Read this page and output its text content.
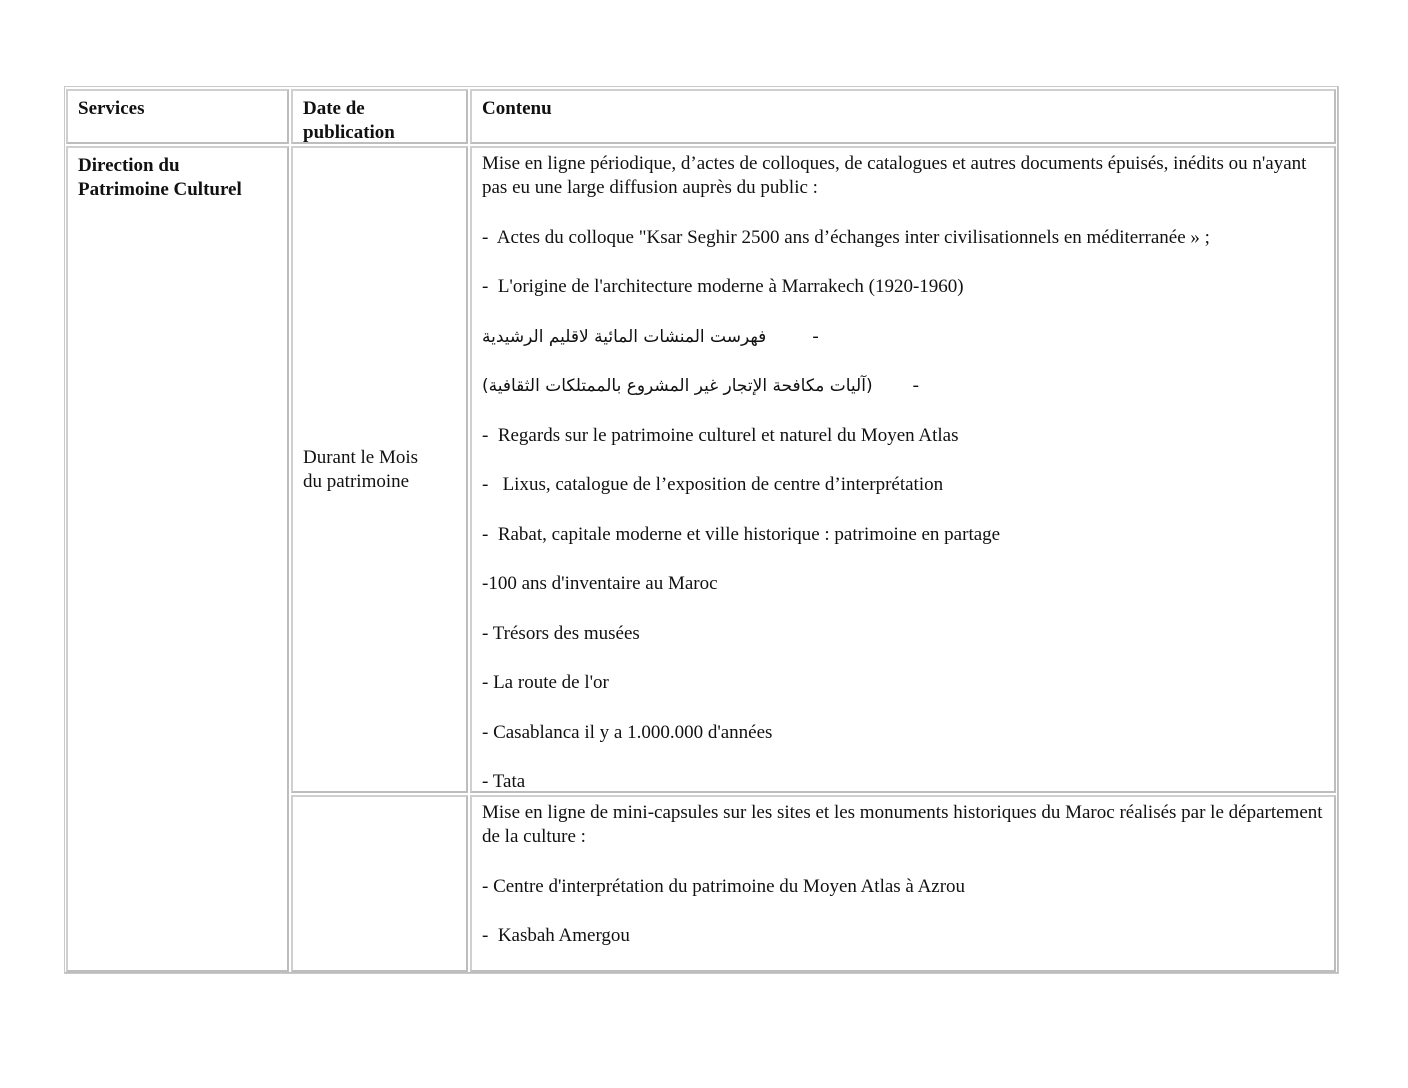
Services	Date de
publication
Contenu
Direction du
Patrimoine Culturel
Durant le Mois
du patrimoine

Mise en ligne périodique, d’actes de colloques, de catalogues et autres documents épuisés, inédits ou n'ayant pas eu une large diffusion auprès du public :

-  Actes du colloque "Ksar Seghir 2500 ans d’échanges inter civilisationnels en méditerranée » ;

-  L'origine de l'architecture moderne à Marrakech (1920-1960)

فهرست المنشات المائية لاقليم الرشيدية -
(آليات مكافحة الإتجار غير المشروع بالممتلكات الثقافية) -

-  Regards sur le patrimoine culturel et naturel du Moyen Atlas

-   Lixus, catalogue de l’exposition de centre d’interprétation

-  Rabat, capitale moderne et ville historique : patrimoine en partage

-100 ans d'inventaire au Maroc

- Trésors des musées

- La route de l'or

- Casablanca il y a 1.000.000 d'années

- Tata

Mise en ligne de mini-capsules sur les sites et les monuments historiques du Maroc réalisés par le département de la culture :

- Centre d'interprétation du patrimoine du Moyen Atlas à Azrou

-  Kasbah Amergou
